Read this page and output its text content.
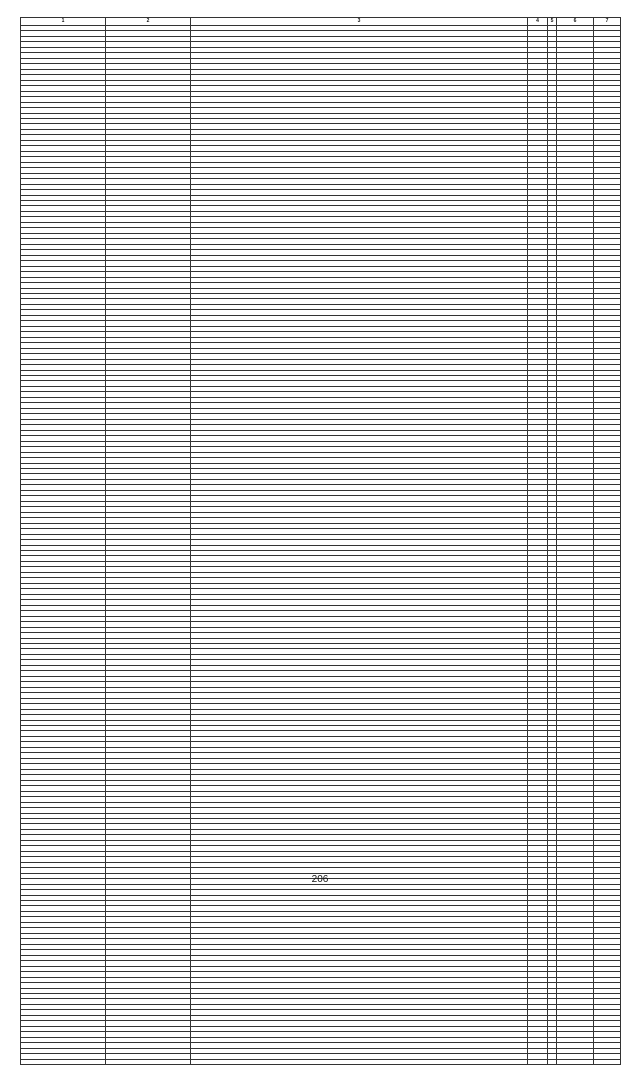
1	2	3	4	5	6	7

206
